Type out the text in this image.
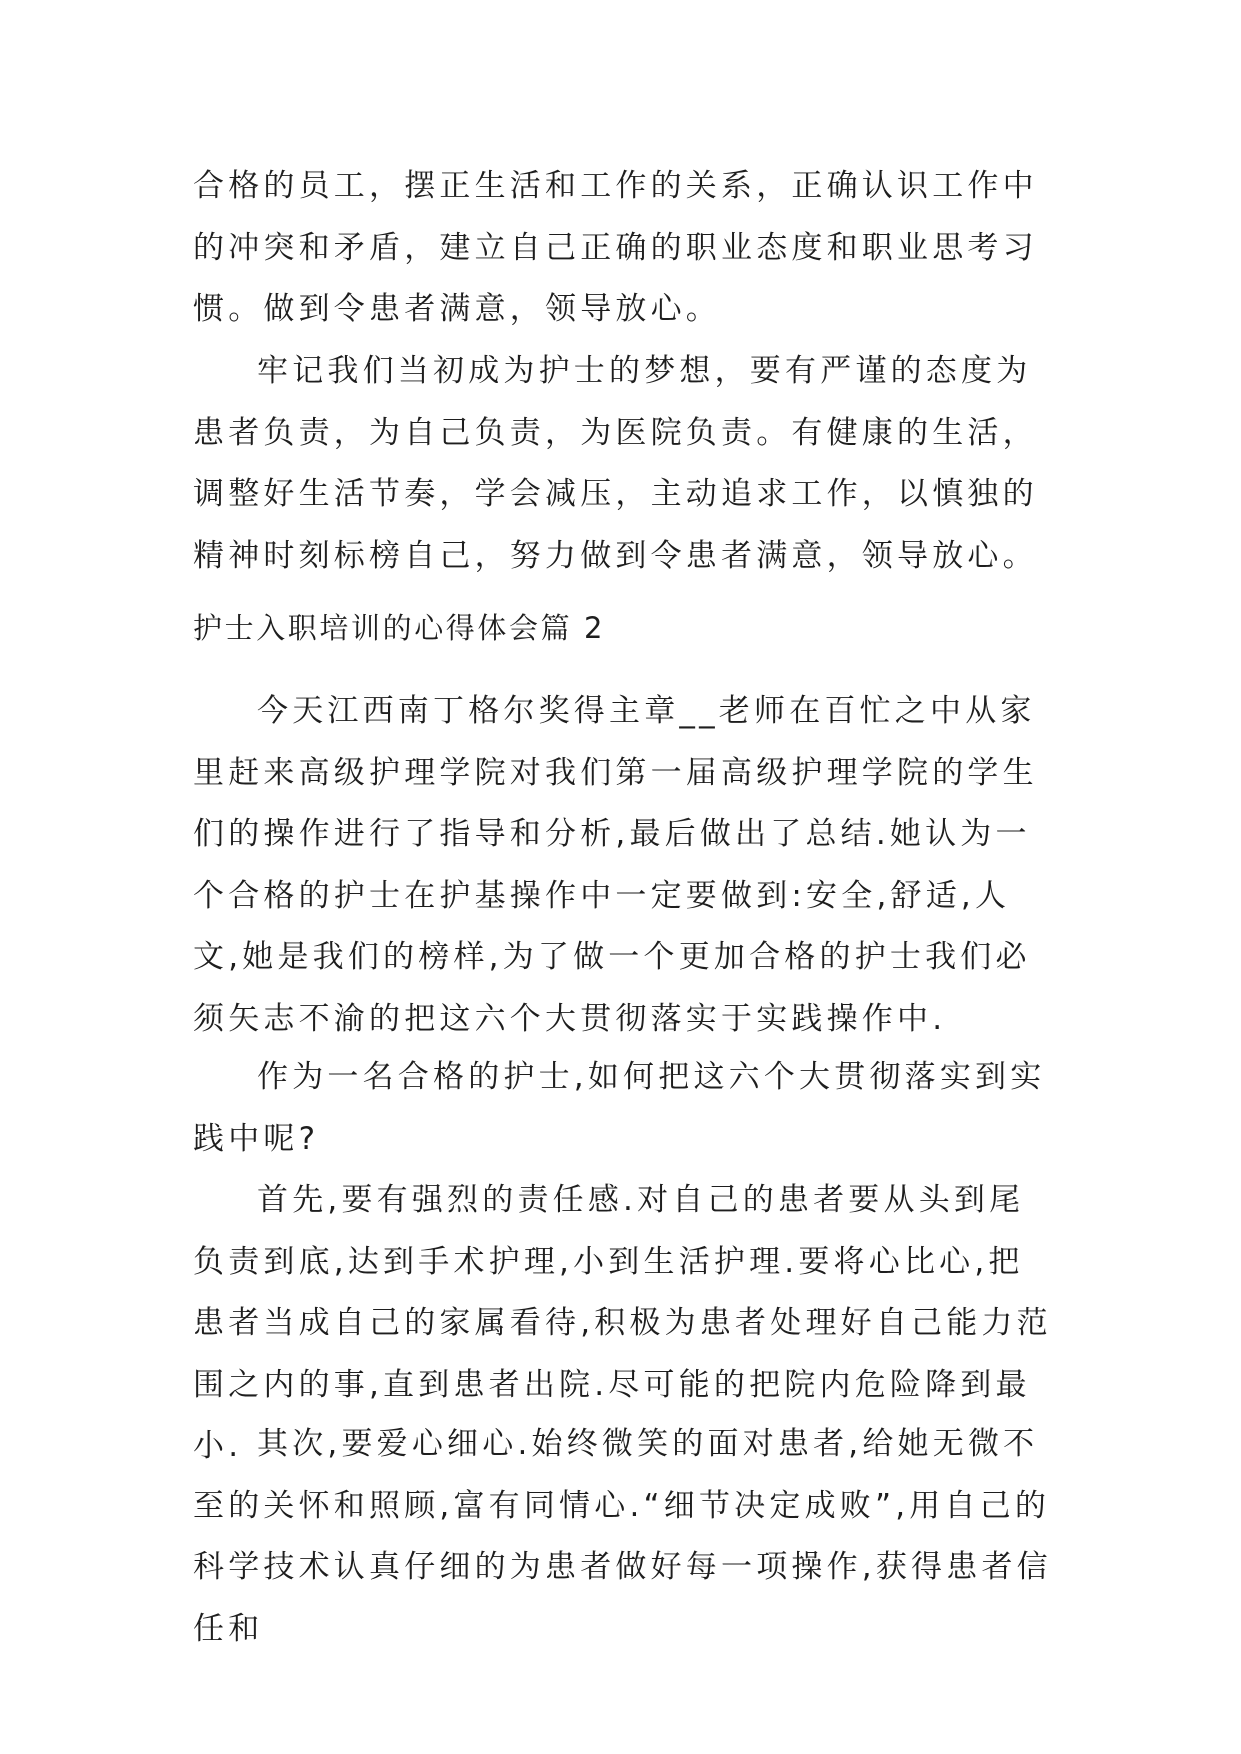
合格的员工，摆正生活和工作的关系，正确认识工作中的冲突和矛盾，建立自己正确的职业态度和职业思考习惯。做到令患者满意，领导放心。

牢记我们当初成为护士的梦想，要有严谨的态度为患者负责，为自己负责，为医院负责。有健康的生活，调整好生活节奏，学会减压，主动追求工作，以慎独的精神时刻标榜自己，努力做到令患者满意，领导放心。

护士入职培训的心得体会篇 2

今天江西南丁格尔奖得主章__老师在百忙之中从家里赶来高级护理学院对我们第一届高级护理学院的学生们的操作进行了指导和分析,最后做出了总结.她认为一个合格的护士在护基操作中一定要做到:安全,舒适,人文,她是我们的榜样,为了做一个更加合格的护士我们必须矢志不渝的把这六个大贯彻落实于实践操作中.

作为一名合格的护士,如何把这六个大贯彻落实到实践中呢?

首先,要有强烈的责任感.对自己的患者要从头到尾负责到底,达到手术护理,小到生活护理.要将心比心,把患者当成自己的家属看待,积极为患者处理好自己能力范围之内的事,直到患者出院.尽可能的把院内危险降到最小. 其次,要爱心细心.始终微笑的面对患者,给她无微不至的关怀和照顾,富有同情心.“细节决定成败”,用自己的科学技术认真仔细的为患者做好每一项操作,获得患者信任和
